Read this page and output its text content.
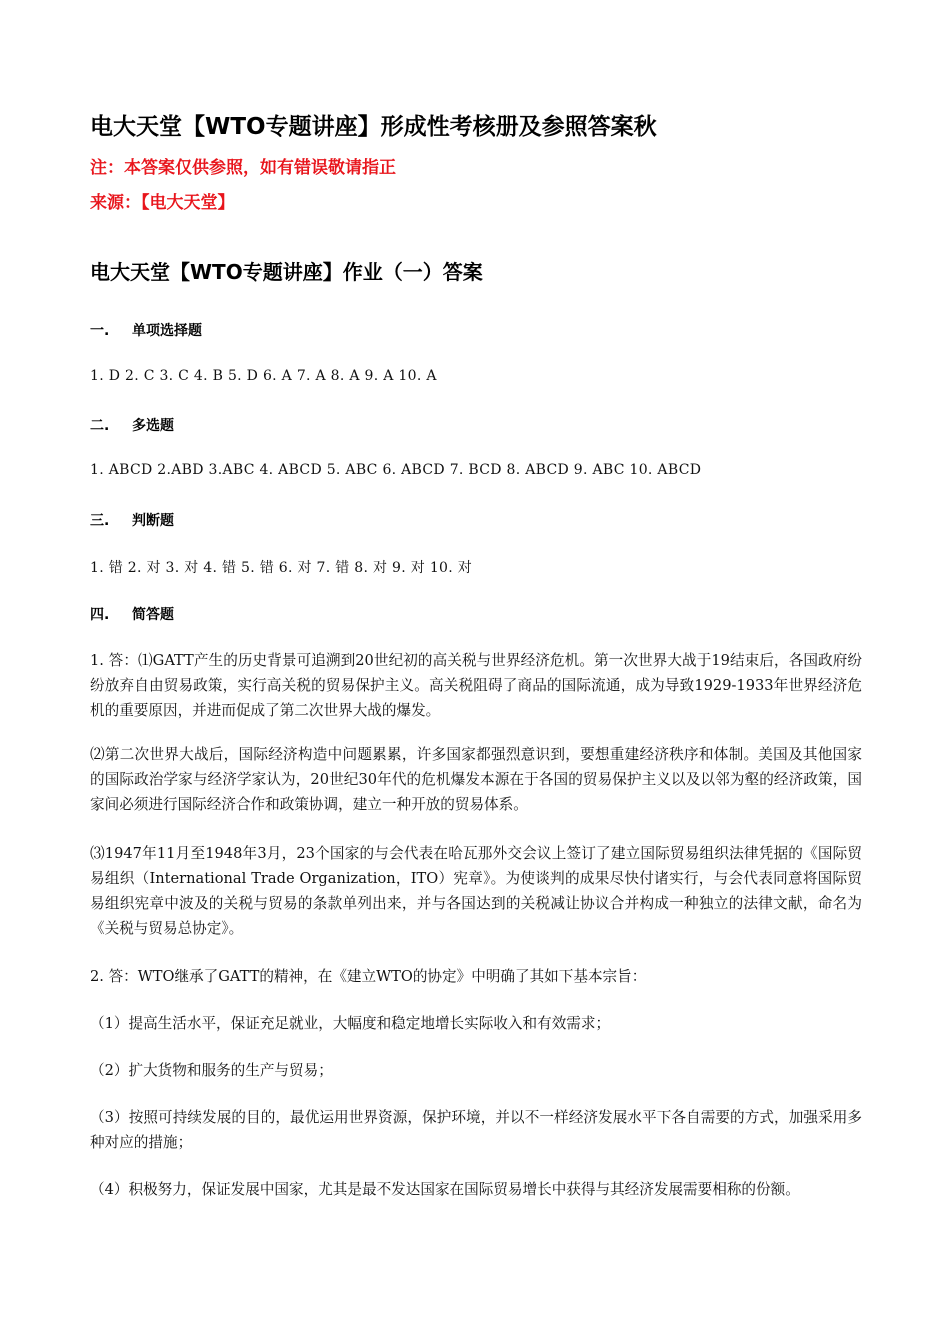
电大天堂【WTO专题讲座】形成性考核册及参照答案秋
注：本答案仅供参照，如有错误敬请指正
来源：【电大天堂】
电大天堂【WTO专题讲座】作业（一）答案
一. 单项选择题
1. D 2. C 3. C 4. B 5. D 6. A 7. A 8. A 9. A 10. A
二. 多选题
1. ABCD 2.ABD 3.ABC 4. ABCD 5. ABC 6. ABCD 7. BCD 8. ABCD 9. ABC 10. ABCD
三. 判断题
1. 错 2. 对 3. 对 4. 错 5. 错 6. 对 7. 错 8. 对 9. 对 10. 对
四. 简答题
1. 答：⑴GATT产生的历史背景可追溯到20世纪初的高关税与世界经济危机。第一次世界大战于19结束后，各国政府纷纷放弃自由贸易政策，实行高关税的贸易保护主义。高关税阻碍了商品的国际流通，成为导致1929-1933年世界经济危机的重要原因，并进而促成了第二次世界大战的爆发。
⑵第二次世界大战后，国际经济构造中问题累累，许多国家都强烈意识到，要想重建经济秩序和体制。美国及其他国家的国际政治学家与经济学家认为，20世纪30年代的危机爆发本源在于各国的贸易保护主义以及以邻为壑的经济政策，国家间必须进行国际经济合作和政策协调，建立一种开放的贸易体系。
⑶1947年11月至1948年3月，23个国家的与会代表在哈瓦那外交会议上签订了建立国际贸易组织法律凭据的《国际贸易组织（International Trade Organization，ITO）宪章》。为使谈判的成果尽快付诸实行，与会代表同意将国际贸易组织宪章中波及的关税与贸易的条款单列出来，并与各国达到的关税减让协议合并构成一种独立的法律文献，命名为《关税与贸易总协定》。
2. 答：WTO继承了GATT的精神，在《建立WTO的协定》中明确了其如下基本宗旨：
（1）提高生活水平，保证充足就业，大幅度和稳定地增长实际收入和有效需求；
（2）扩大货物和服务的生产与贸易；
（3）按照可持续发展的目的，最优运用世界资源，保护环境，并以不一样经济发展水平下各自需要的方式，加强采用多种对应的措施；
（4）积极努力，保证发展中国家，尤其是最不发达国家在国际贸易增长中获得与其经济发展需要相称的份额。
